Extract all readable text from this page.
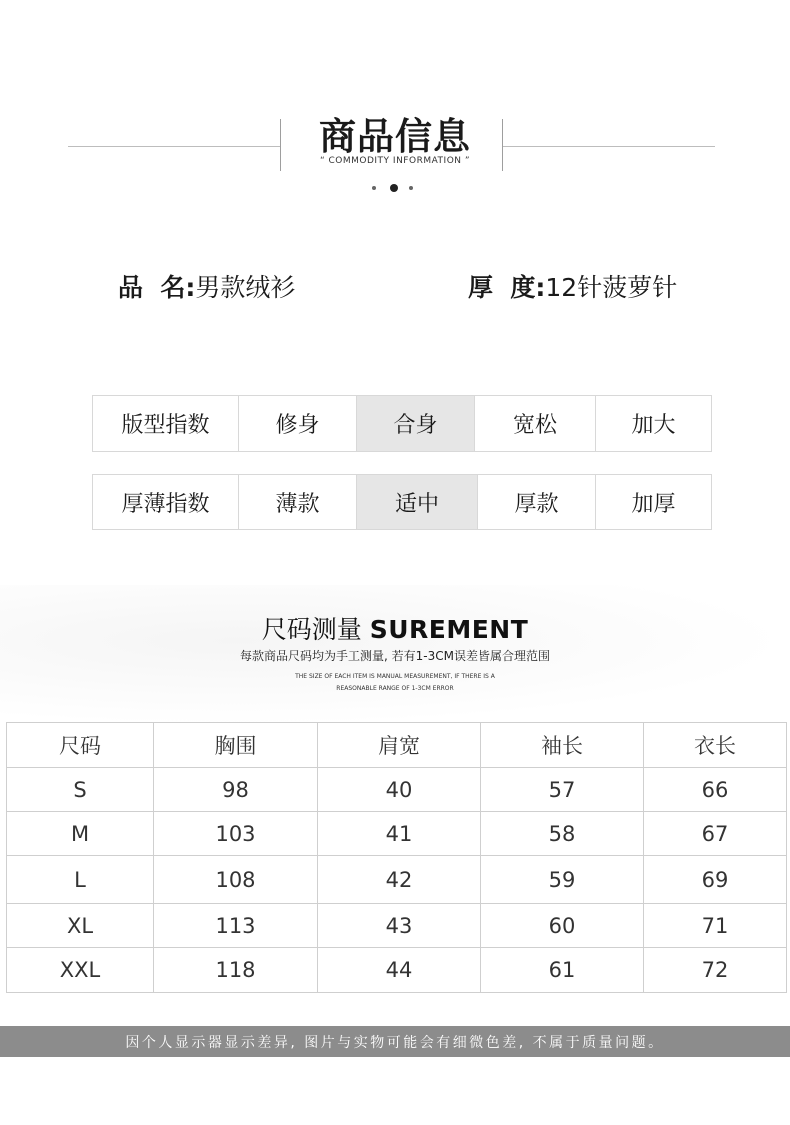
商品信息
“ COMMODITY INFORMATION ”
品  名:男款绒衫	厚  度:12针菠萝针
版型指数	修身	合身	宽松	加大
厚薄指数	薄款	适中	厚款	加厚
尺码测量 SUREMENT
每款商品尺码均为手工测量, 若有1-3CM误差皆属合理范围
THE SIZE OF EACH ITEM IS MANUAL MEASUREMENT, IF THERE IS A
REASONABLE RANGE OF 1-3CM ERROR
尺码	胸围	肩宽	袖长	衣长
S	98	40	57	66
M	103	41	58	67
L	108	42	59	69
XL	113	43	60	71
XXL	118	44	61	72
因个人显示器显示差异, 图片与实物可能会有细微色差, 不属于质量问题。
